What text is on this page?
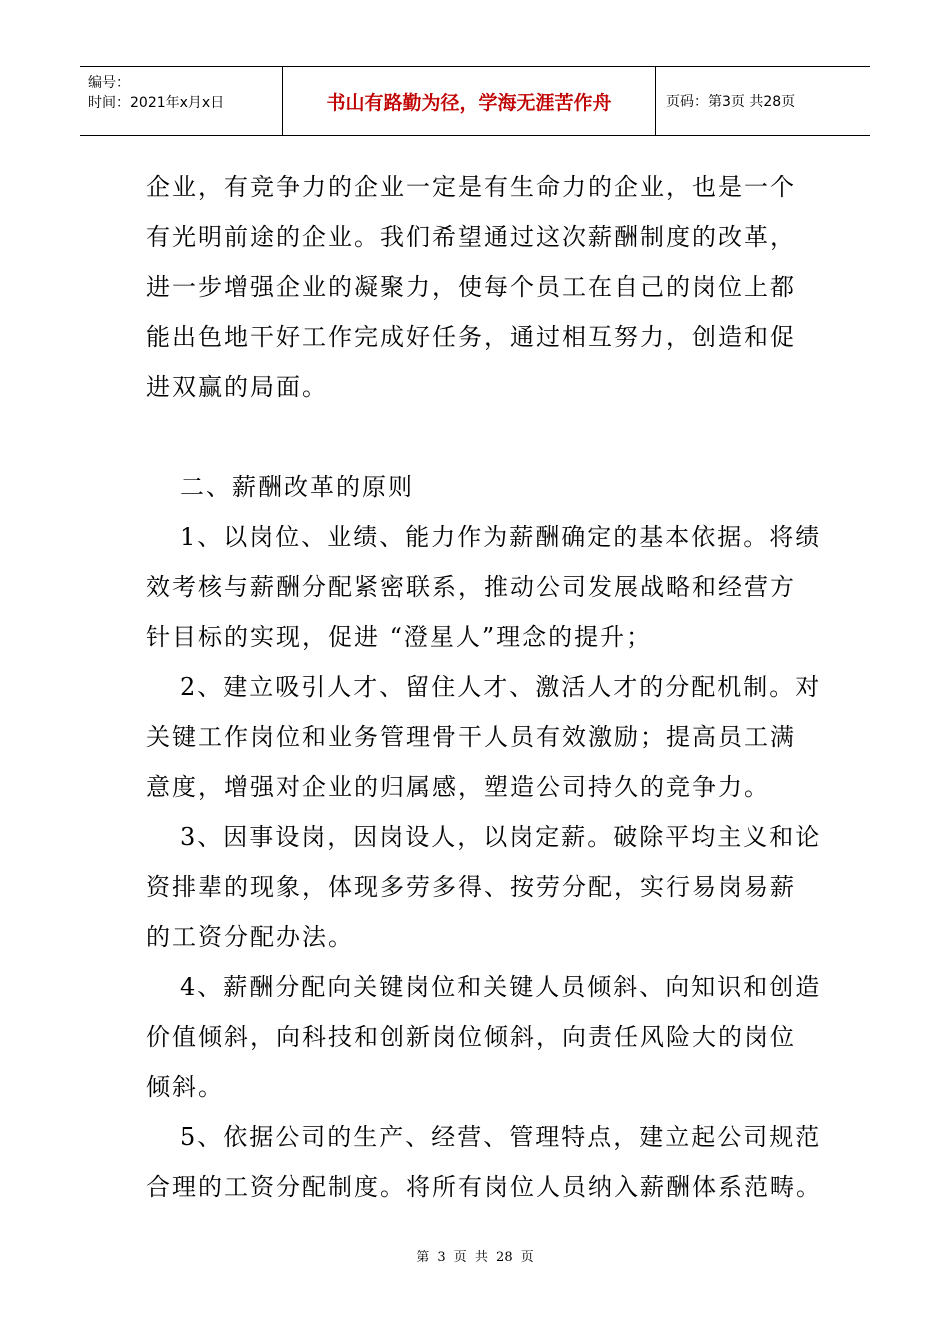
编号：
时间：2021年x月x日	书山有路勤为径，学海无涯苦作舟	页码：第3页 共28页

企业，有竞争力的企业一定是有生命力的企业，也是一个

有光明前途的企业。我们希望通过这次薪酬制度的改革，

进一步增强企业的凝聚力，使每个员工在自己的岗位上都

能出色地干好工作完成好任务，通过相互努力，创造和促

进双赢的局面。

二、薪酬改革的原则

1、以岗位、业绩、能力作为薪酬确定的基本依据。将绩

效考核与薪酬分配紧密联系，推动公司发展战略和经营方

针目标的实现，促进 “澄星人”理念的提升；

2、建立吸引人才、留住人才、激活人才的分配机制。对

关键工作岗位和业务管理骨干人员有效激励；提高员工满

意度，增强对企业的归属感，塑造公司持久的竞争力。

3、因事设岗，因岗设人，以岗定薪。破除平均主义和论

资排辈的现象，体现多劳多得、按劳分配，实行易岗易薪

的工资分配办法。

4、薪酬分配向关键岗位和关键人员倾斜、向知识和创造

价值倾斜，向科技和创新岗位倾斜，向责任风险大的岗位

倾斜。

5、依据公司的生产、经营、管理特点，建立起公司规范

合理的工资分配制度。将所有岗位人员纳入薪酬体系范畴。

第 3 页 共 28 页
